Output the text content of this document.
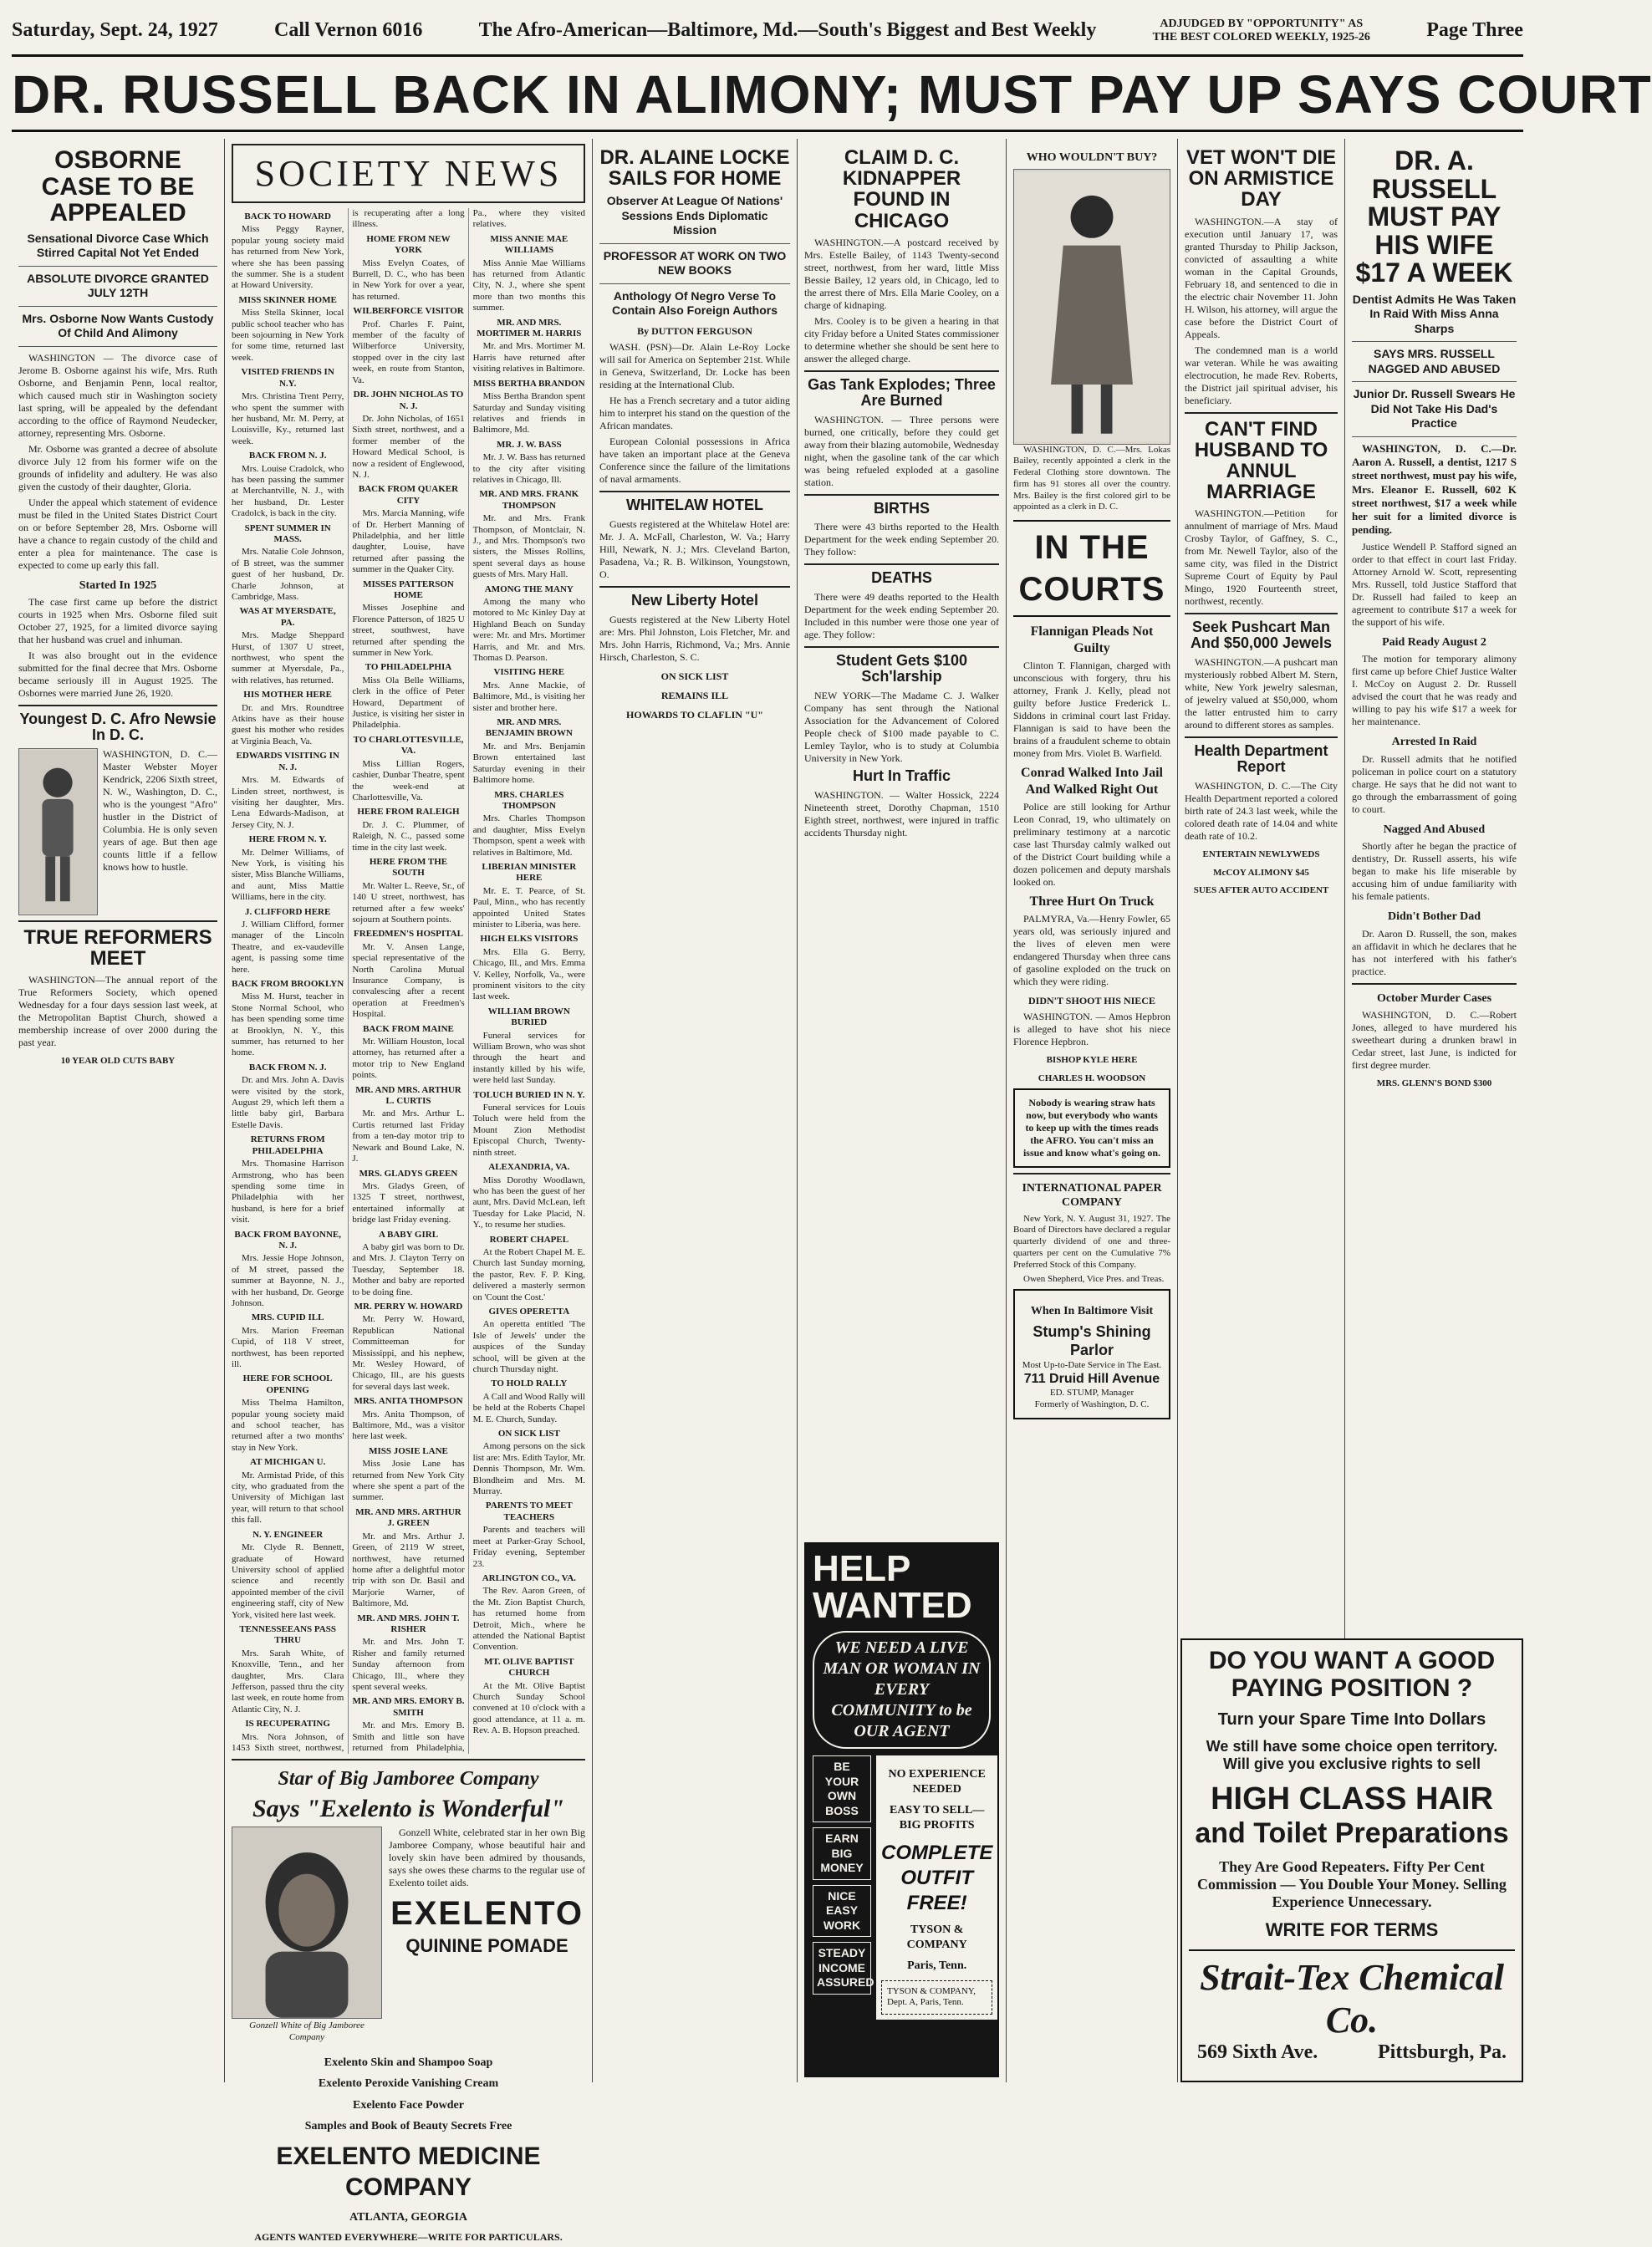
Saturday, Sept. 24, 1927	Call Vernon 6016	The Afro-American—Baltimore, Md.—South's Biggest and Best Weekly	ADJUDGED BY "OPPORTUNITY" AS
THE BEST COLORED WEEKLY, 1925-26	Page Three
DR. RUSSELL BACK IN ALIMONY; MUST PAY UP SAYS COURT
OSBORNE CASE TO BE APPEALED
Sensational Divorce Case Which Stirred Capital Not Yet Ended
ABSOLUTE DIVORCE GRANTED JULY 12TH
Mrs. Osborne Now Wants Custody Of Child And Alimony

WASHINGTON — The divorce case of Jerome B. Osborne against his wife, Mrs. Ruth Osborne, and Benjamin Penn, local realtor, which caused much stir in Washington society last spring, will be appealed by the defendant according to the office of Raymond Neudecker, attorney, representing Mrs. Osborne.

Mr. Osborne was granted a decree of absolute divorce July 12 from his former wife on the grounds of infidelity and adultery. He was also given the custody of their daughter, Gloria.

Under the appeal which statement of evidence must be filed in the United States District Court on or before September 28, Mrs. Osborne will have a chance to regain custody of the child and enter a plea for maintenance. The case is expected to come up early this fall.

Started In 1925

The case first came up before the district courts in 1925 when Mrs. Osborne filed suit October 27, 1925, for a limited divorce saying that her husband was cruel and inhuman.

It was also brought out in the evidence submitted for the final decree that Mrs. Osborne became seriously ill in August 1925. The Osbornes were married June 26, 1920.

Youngest D. C. Afro Newsie In D. C.

WASHINGTON, D. C.—Master Webster Moyer Kendrick, 2206 Sixth street, N. W., Washington, D. C., who is the youngest "Afro" hustler in the District of Columbia. He is only seven years of age. But then age counts little if a fellow knows how to hustle.

TRUE REFORMERS MEET

WASHINGTON—The annual report of the True Reformers Society, which opened Wednesday for a four days session last week, at the Metropolitan Baptist Church, showed a membership increase of over 2000 during the past year.

10 YEAR OLD CUTS BABY
SOCIETY NEWS

BACK TO HOWARD

Miss Peggy Rayner, popular young society maid has returned from New York, where she has been passing the summer. She is a student at Howard University.

MISS SKINNER HOME

Miss Stella Skinner, local public school teacher who has been sojourning in New York for some time, returned last week.

VISITED FRIENDS IN N.Y.

Mrs. Christina Trent Perry, who spent the summer with her husband, Mr. M. Perry, at Louisville, Ky., returned last week.

BACK FROM N. J.

Mrs. Louise Cradolck, who has been passing the summer at Merchantville, N. J., with her husband, Dr. Lester Cradolck, is back in the city.

SPENT SUMMER IN MASS.

Mrs. Natalie Cole Johnson, of B street, was the summer guest of her husband, Dr. Charle Johnson, at Cambridge, Mass.

WAS AT MYERSDATE, PA.

Mrs. Madge Sheppard Hurst, of 1307 U street, northwest, who spent the summer at Myersdale, Pa., with relatives, has returned.

HIS MOTHER HERE

Dr. and Mrs. Roundtree Atkins have as their house guest his mother who resides at Virginia Beach, Va.

EDWARDS VISITING IN N. J.

Mrs. M. Edwards of Linden street, northwest, is visiting her daughter, Mrs. Lena Edwards-Madison, at Jersey City, N. J.

HERE FROM N. Y.

Mr. Delmer Williams, of New York, is visiting his sister, Miss Blanche Williams, and aunt, Miss Mattie Williams, here in the city.

J. CLIFFORD HERE

J. William Clifford, former manager of the Lincoln Theatre, and ex-vaudeville agent, is passing some time here.

BACK FROM BROOKLYN

Miss M. Hurst, teacher in Stone Normal School, who has been spending some time at Brooklyn, N. Y., this summer, has returned to her home.

BACK FROM N. J.

Dr. and Mrs. John A. Davis were visited by the stork, August 29, which left them a little baby girl, Barbara Estelle Davis.

RETURNS FROM PHILADELPHIA

Mrs. Thomasine Harrison Armstrong, who has been spending some time in Philadelphia with her husband, is here for a brief visit.

BACK FROM BAYONNE, N. J.

Mrs. Jessie Hope Johnson, of M street, passed the summer at Bayonne, N. J., with her husband, Dr. George Johnson.

MRS. CUPID ILL

Mrs. Marion Freeman Cupid, of 118 V street, northwest, has been reported ill.

HERE FOR SCHOOL OPENING

Miss Thelma Hamilton, popular young society maid and school teacher, has returned after a two months' stay in New York.

AT MICHIGAN U.

Mr. Armistad Pride, of this city, who graduated from the University of Michigan last year, will return to that school this fall.

N. Y. ENGINEER

Mr. Clyde R. Bennett, graduate of Howard University school of applied science and recently appointed member of the civil engineering staff, city of New York, visited here last week.

TENNESSEEANS PASS THRU

Mrs. Sarah White, of Knoxville, Tenn., and her daughter, Mrs. Clara Jefferson, passed thru the city last week, en route home from Atlantic City, N. J.

IS RECUPERATING

Mrs. Nora Johnson, of 1453 Sixth street, northwest, is recuperating after a long illness.

HOME FROM NEW YORK

Miss Evelyn Coates, of Burrell, D. C., who has been in New York for over a year, has returned.

WILBERFORCE VISITOR

Prof. Charles F. Paint, member of the faculty of Wilberforce University, stopped over in the city last week, en route from Stanton, Va.

DR. JOHN NICHOLAS TO N. J.

Dr. John Nicholas, of 1651 Sixth street, northwest, and a former member of the Howard Medical School, is now a resident of Englewood, N. J.

BACK FROM QUAKER CITY

Mrs. Marcia Manning, wife of Dr. Herbert Manning of Philadelphia, and her little daughter, Louise, have returned after passing the summer in the Quaker City.

MISSES PATTERSON HOME

Misses Josephine and Florence Patterson, of 1825 U street, southwest, have returned after spending the summer in New York.

TO PHILADELPHIA

Miss Ola Belle Williams, clerk in the office of Peter Howard, Department of Justice, is visiting her sister in Philadelphia.

TO CHARLOTTESVILLE, VA.

Miss Lillian Rogers, cashier, Dunbar Theatre, spent the week-end at Charlottesville, Va.

HERE FROM RALEIGH

Dr. J. C. Plummer, of Raleigh, N. C., passed some time in the city last week.

HERE FROM THE SOUTH

Mr. Walter L. Reeve, Sr., of 140 U street, northwest, has returned after a few weeks' sojourn at Southern points.

FREEDMEN'S HOSPITAL

Mr. V. Ansen Lange, special representative of the North Carolina Mutual Insurance Company, is convalescing after a recent operation at Freedmen's Hospital.

BACK FROM MAINE

Mr. William Houston, local attorney, has returned after a motor trip to New England points.

MR. AND MRS. ARTHUR L. CURTIS

Mr. and Mrs. Arthur L. Curtis returned last Friday from a ten-day motor trip to Newark and Bound Lake, N. J.

MRS. GLADYS GREEN

Mrs. Gladys Green, of 1325 T street, northwest, entertained informally at bridge last Friday evening.

A BABY GIRL

A baby girl was born to Dr. and Mrs. J. Clayton Terry on Tuesday, September 18. Mother and baby are reported to be doing fine.

MR. PERRY W. HOWARD

Mr. Perry W. Howard, Republican National Committeeman for Mississippi, and his nephew, Mr. Wesley Howard, of Chicago, Ill., are his guests for several days last week.

MRS. ANITA THOMPSON

Mrs. Anita Thompson, of Baltimore, Md., was a visitor here last week.

MISS JOSIE LANE

Miss Josie Lane has returned from New York City where she spent a part of the summer.

MR. AND MRS. ARTHUR J. GREEN

Mr. and Mrs. Arthur J. Green, of 2119 W street, northwest, have returned home after a delightful motor trip with son Dr. Basil and Marjorie Warner, of Baltimore, Md.

MR. AND MRS. JOHN T. RISHER

Mr. and Mrs. John T. Risher and family returned Sunday afternoon from Chicago, Ill., where they spent several weeks.

MR. AND MRS. EMORY B. SMITH

Mr. and Mrs. Emory B. Smith and little son have returned from Philadelphia, Pa., where they visited relatives.

MISS ANNIE MAE WILLIAMS

Miss Annie Mae Williams has returned from Atlantic City, N. J., where she spent more than two months this summer.

MR. AND MRS. MORTIMER M. HARRIS

Mr. and Mrs. Mortimer M. Harris have returned after visiting relatives in Baltimore.

MISS BERTHA BRANDON

Miss Bertha Brandon spent Saturday and Sunday visiting relatives and friends in Baltimore, Md.

MR. J. W. BASS

Mr. J. W. Bass has returned to the city after visiting relatives in Chicago, Ill.

MR. AND MRS. FRANK THOMPSON

Mr. and Mrs. Frank Thompson, of Montclair, N. J., and Mrs. Thompson's two sisters, the Misses Rollins, spent several days as house guests of Mrs. Mary Hall.

AMONG THE MANY

Among the many who motored to Mc Kinley Day at Highland Beach on Sunday were: Mr. and Mrs. Mortimer Harris, and Mr. and Mrs. Thomas D. Pearson.

VISITING HERE

Mrs. Anne Mackie, of Baltimore, Md., is visiting her sister and brother here.

MR. AND MRS. BENJAMIN BROWN

Mr. and Mrs. Benjamin Brown entertained last Saturday evening in their Baltimore home.

MRS. CHARLES THOMPSON

Mrs. Charles Thompson and daughter, Miss Evelyn Thompson, spent a week with relatives in Baltimore, Md.

LIBERIAN MINISTER HERE

Mr. E. T. Pearce, of St. Paul, Minn., who has recently appointed United States minister to Liberia, was here.

HIGH ELKS VISITORS

Mrs. Ella G. Berry, Chicago, Ill., and Mrs. Emma V. Kelley, Norfolk, Va., were prominent visitors to the city last week.

WILLIAM BROWN BURIED

Funeral services for William Brown, who was shot through the heart and instantly killed by his wife, were held last Sunday.

TOLUCH BURIED IN N. Y.

Funeral services for Louis Toluch were held from the Mount Zion Methodist Episcopal Church, Twenty-ninth street.

ALEXANDRIA, VA.

Miss Dorothy Woodlawn, who has been the guest of her aunt, Mrs. David McLean, left Tuesday for Lake Placid, N. Y., to resume her studies.

ROBERT CHAPEL

At the Robert Chapel M. E. Church last Sunday morning, the pastor, Rev. F. P. King, delivered a masterly sermon on 'Count the Cost.'

GIVES OPERETTA

An operetta entitled 'The Isle of Jewels' under the auspices of the Sunday school, will be given at the church Thursday night.

TO HOLD RALLY

A Call and Wood Rally will be held at the Roberts Chapel M. E. Church, Sunday.

ON SICK LIST

Among persons on the sick list are: Mrs. Edith Taylor, Mr. Dennis Thompson, Mr. Wm. Blondheim and Mrs. M. Murray.

PARENTS TO MEET TEACHERS

Parents and teachers will meet at Parker-Gray School, Friday evening, September 23.

ARLINGTON CO., VA.

The Rev. Aaron Green, of the Mt. Zion Baptist Church, has returned home from Detroit, Mich., where he attended the National Baptist Convention.

MT. OLIVE BAPTIST CHURCH

At the Mt. Olive Baptist Church Sunday School convened at 10 o'clock with a good attendance, at 11 a. m. Rev. A. B. Hopson preached.

Star of Big Jamboree Company
Says "Exelento is Wonderful"
Gonzell White of Big Jamboree Company

Gonzell White, celebrated star in her own Big Jamboree Company, whose beautiful hair and lovely skin have been admired by thousands, says she owes these charms to the regular use of Exelento toilet aids.

EXELENTO
QUININE POMADE
Exelento Skin and Shampoo Soap
Exelento Peroxide Vanishing Cream
Exelento Face Powder
Samples and Book of Beauty Secrets Free
EXELENTO MEDICINE COMPANY
ATLANTA, GEORGIA
AGENTS WANTED EVERYWHERE—WRITE FOR PARTICULARS.
DR. ALAINE LOCKE SAILS FOR HOME
Observer At League Of Nations' Sessions Ends Diplomatic Mission
PROFESSOR AT WORK ON TWO NEW BOOKS
Anthology Of Negro Verse To Contain Also Foreign Authors
By DUTTON FERGUSON

WASH. (PSN)—Dr. Alain Le-Roy Locke will sail for America on September 21st. While in Geneva, Switzerland, Dr. Locke has been residing at the International Club.

He has a French secretary and a tutor aiding him to interpret his stand on the question of the African mandates.

European Colonial possessions in Africa have taken an important place at the Geneva Conference since the failure of the limitations of naval armaments.

WHITELAW HOTEL

Guests registered at the Whitelaw Hotel are: Mr. J. A. McFall, Charleston, W. Va.; Harry Hill, Newark, N. J.; Mrs. Cleveland Barton, Pasadena, Va.; R. B. Wilkinson, Youngstown, O.

New Liberty Hotel

Guests registered at the New Liberty Hotel are: Mrs. Phil Johnston, Lois Fletcher, Mr. and Mrs. John Harris, Richmond, Va.; Mrs. Annie Hirsch, Charleston, S. C.

ON SICK LIST
REMAINS ILL
HOWARDS TO CLAFLIN "U"
CLAIM D. C. KIDNAPPER FOUND IN CHICAGO

WASHINGTON.—A postcard received by Mrs. Estelle Bailey, of 1143 Twenty-second street, northwest, from her ward, little Miss Bessie Bailey, 12 years old, in Chicago, led to the arrest there of Mrs. Ella Marie Cooley, on a charge of kidnaping.

Mrs. Cooley is to be given a hearing in that city Friday before a United States commissioner to determine whether she should be sent here to answer the alleged charge.

Gas Tank Explodes; Three Are Burned

WASHINGTON. — Three persons were burned, one critically, before they could get away from their blazing automobile, Wednesday night, when the gasoline tank of the car which was being refueled exploded at a gasoline station.

BIRTHS

There were 43 births reported to the Health Department for the week ending September 20. They follow:

DEATHS

There were 49 deaths reported to the Health Department for the week ending September 20. Included in this number were those one year of age. They follow:

Student Gets $100 Sch'larship

NEW YORK—The Madame C. J. Walker Company has sent through the National Association for the Advancement of Colored People check of $100 made payable to C. Lemley Taylor, who is to study at Columbia University in New York.

Hurt In Traffic

WASHINGTON. — Walter Hossick, 2224 Nineteenth street, Dorothy Chapman, 1510 Eighth street, northwest, were injured in traffic accidents Thursday night.

HELP
WANTED
WE NEED A LIVE MAN OR WOMAN IN EVERY COMMUNITY to be OUR AGENT
BE YOUR OWN BOSS
EARN BIG MONEY
NICE EASY WORK
STEADY INCOME ASSURED
NO EXPERIENCE NEEDED
EASY TO SELL—BIG PROFITS
COMPLETE OUTFIT FREE!
TYSON & COMPANY
Paris, Tenn.
TYSON & COMPANY,
Dept. A, Paris, Tenn.
WHO WOULDN'T BUY?

WASHINGTON, D. C.—Mrs. Lokas Bailey, recently appointed a clerk in the Federal Clothing store downtown. The firm has 91 stores all over the country. Mrs. Bailey is the first colored girl to be appointed as a clerk in D. C.

IN THE COURTS
Flannigan Pleads Not Guilty

Clinton T. Flannigan, charged with unconscious with forgery, thru his attorney, Frank J. Kelly, plead not guilty before Justice Frederick L. Siddons in criminal court last Friday. Flannigan is said to have been the brains of a fraudulent scheme to obtain money from Mrs. Violet B. Warfield.

Conrad Walked Into Jail And Walked Right Out

Police are still looking for Arthur Leon Conrad, 19, who ultimately on preliminary testimony at a narcotic case last Thursday calmly walked out of the District Court building while a dozen policemen and deputy marshals looked on.

Three Hurt On Truck

PALMYRA, Va.—Henry Fowler, 65 years old, was seriously injured and the lives of eleven men were endangered Thursday when three cans of gasoline exploded on the truck on which they were riding.

DIDN'T SHOOT HIS NIECE

WASHINGTON. — Amos Hepbron is alleged to have shot his niece Florence Hepbron.

BISHOP KYLE HERE
CHARLES H. WOODSON
Nobody is wearing straw hats now, but everybody who wants to keep up with the times reads the AFRO. You can't miss an issue and know what's going on.
INTERNATIONAL PAPER COMPANY

New York, N. Y. August 31, 1927. The Board of Directors have declared a regular quarterly dividend of one and three-quarters per cent on the Cumulative 7% Preferred Stock of this Company.

Owen Shepherd, Vice Pres. and Treas.

When In Baltimore Visit
Stump's Shining Parlor
Most Up-to-Date Service in The East.
711 Druid Hill Avenue
ED. STUMP, Manager
Formerly of Washington, D. C.
VET WON'T DIE ON ARMISTICE DAY

WASHINGTON.—A stay of execution until January 17, was granted Thursday to Philip Jackson, convicted of assaulting a white woman in the Capital Grounds, February 18, and sentenced to die in the electric chair November 11. John H. Wilson, his attorney, will argue the case before the District Court of Appeals.

The condemned man is a world war veteran. While he was awaiting electrocution, he made Rev. Roberts, the District jail spiritual adviser, his beneficiary.

CAN'T FIND HUSBAND TO ANNUL MARRIAGE

WASHINGTON.—Petition for annulment of marriage of Mrs. Maud Crosby Taylor, of Gaffney, S. C., from Mr. Newell Taylor, also of the same city, was filed in the District Supreme Court of Equity by Paul Mingo, 1920 Fourteenth street, northwest, recently.

Seek Pushcart Man And $50,000 Jewels

WASHINGTON.—A pushcart man mysteriously robbed Albert M. Stern, white, New York jewelry salesman, of jewelry valued at $50,000, whom the latter entrusted him to carry around to different stores as samples.

Health Department Report

WASHINGTON, D. C.—The City Health Department reported a colored birth rate of 24.3 last week, while the colored death rate of 14.04 and white death rate of 10.2.

ENTERTAIN NEWLYWEDS
McCOY ALIMONY $45
SUES AFTER AUTO ACCIDENT
DR. A. RUSSELL MUST PAY HIS WIFE $17 A WEEK
Dentist Admits He Was Taken In Raid With Miss Anna Sharps
SAYS MRS. RUSSELL NAGGED AND ABUSED
Junior Dr. Russell Swears He Did Not Take His Dad's Practice

WASHINGTON, D. C.—Dr. Aaron A. Russell, a dentist, 1217 S street northwest, must pay his wife, Mrs. Eleanor E. Russell, 602 K street northwest, $17 a week while her suit for a limited divorce is pending.

Justice Wendell P. Stafford signed an order to that effect in court last Friday. Attorney Arnold W. Scott, representing Mrs. Russell, told Justice Stafford that Dr. Russell had failed to keep an agreement to contribute $17 a week for the support of his wife.

Paid Ready August 2

The motion for temporary alimony first came up before Chief Justice Walter I. McCoy on August 2. Dr. Russell advised the court that he was ready and willing to pay his wife $17 a week for her maintenance.

Arrested In Raid

Dr. Russell admits that he notified policeman in police court on a statutory charge. He says that he did not want to go through the embarrassment of going to court.

Nagged And Abused

Shortly after he began the practice of dentistry, Dr. Russell asserts, his wife began to make his life miserable by accusing him of undue familiarity with his female patients.

Didn't Bother Dad

Dr. Aaron D. Russell, the son, makes an affidavit in which he declares that he has not interfered with his father's practice.

October Murder Cases

WASHINGTON, D. C.—Robert Jones, alleged to have murdered his sweetheart during a drunken brawl in Cedar street, last June, is indicted for first degree murder.

MRS. GLENN'S BOND $300
DO YOU WANT A GOOD PAYING POSITION ?
Turn your Spare Time Into Dollars
We still have some choice open territory.
Will give you exclusive rights to sell
HIGH CLASS HAIR
and Toilet Preparations
They Are Good Repeaters. Fifty Per Cent Commission — You Double Your Money. Selling Experience Unnecessary.
WRITE FOR TERMS
Strait-Tex Chemical Co.
569 Sixth Ave.	Pittsburgh, Pa.
